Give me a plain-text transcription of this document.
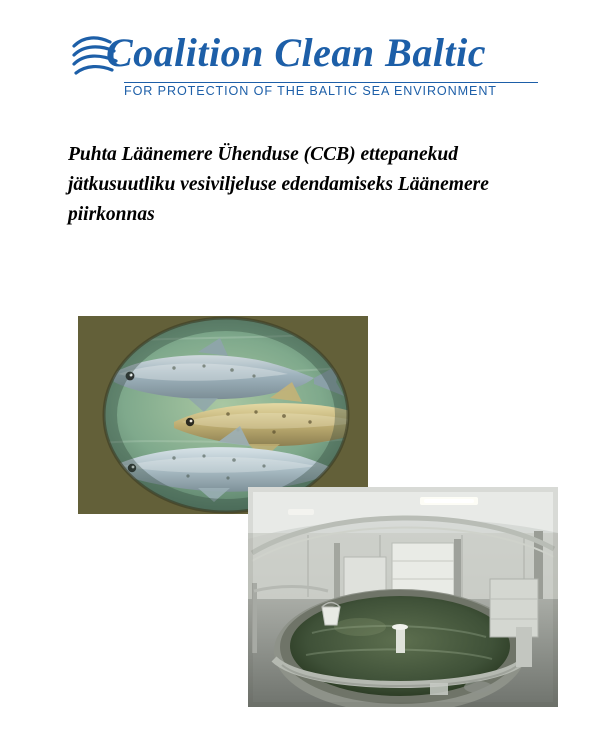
Coalition Clean Baltic
FOR PROTECTION OF THE BALTIC SEA ENVIRONMENT
Puhta Läänemere Ühenduse (CCB) ettepanekud jätkusuutliku vesiviljeluse edendamiseks Läänemere piirkonnas
